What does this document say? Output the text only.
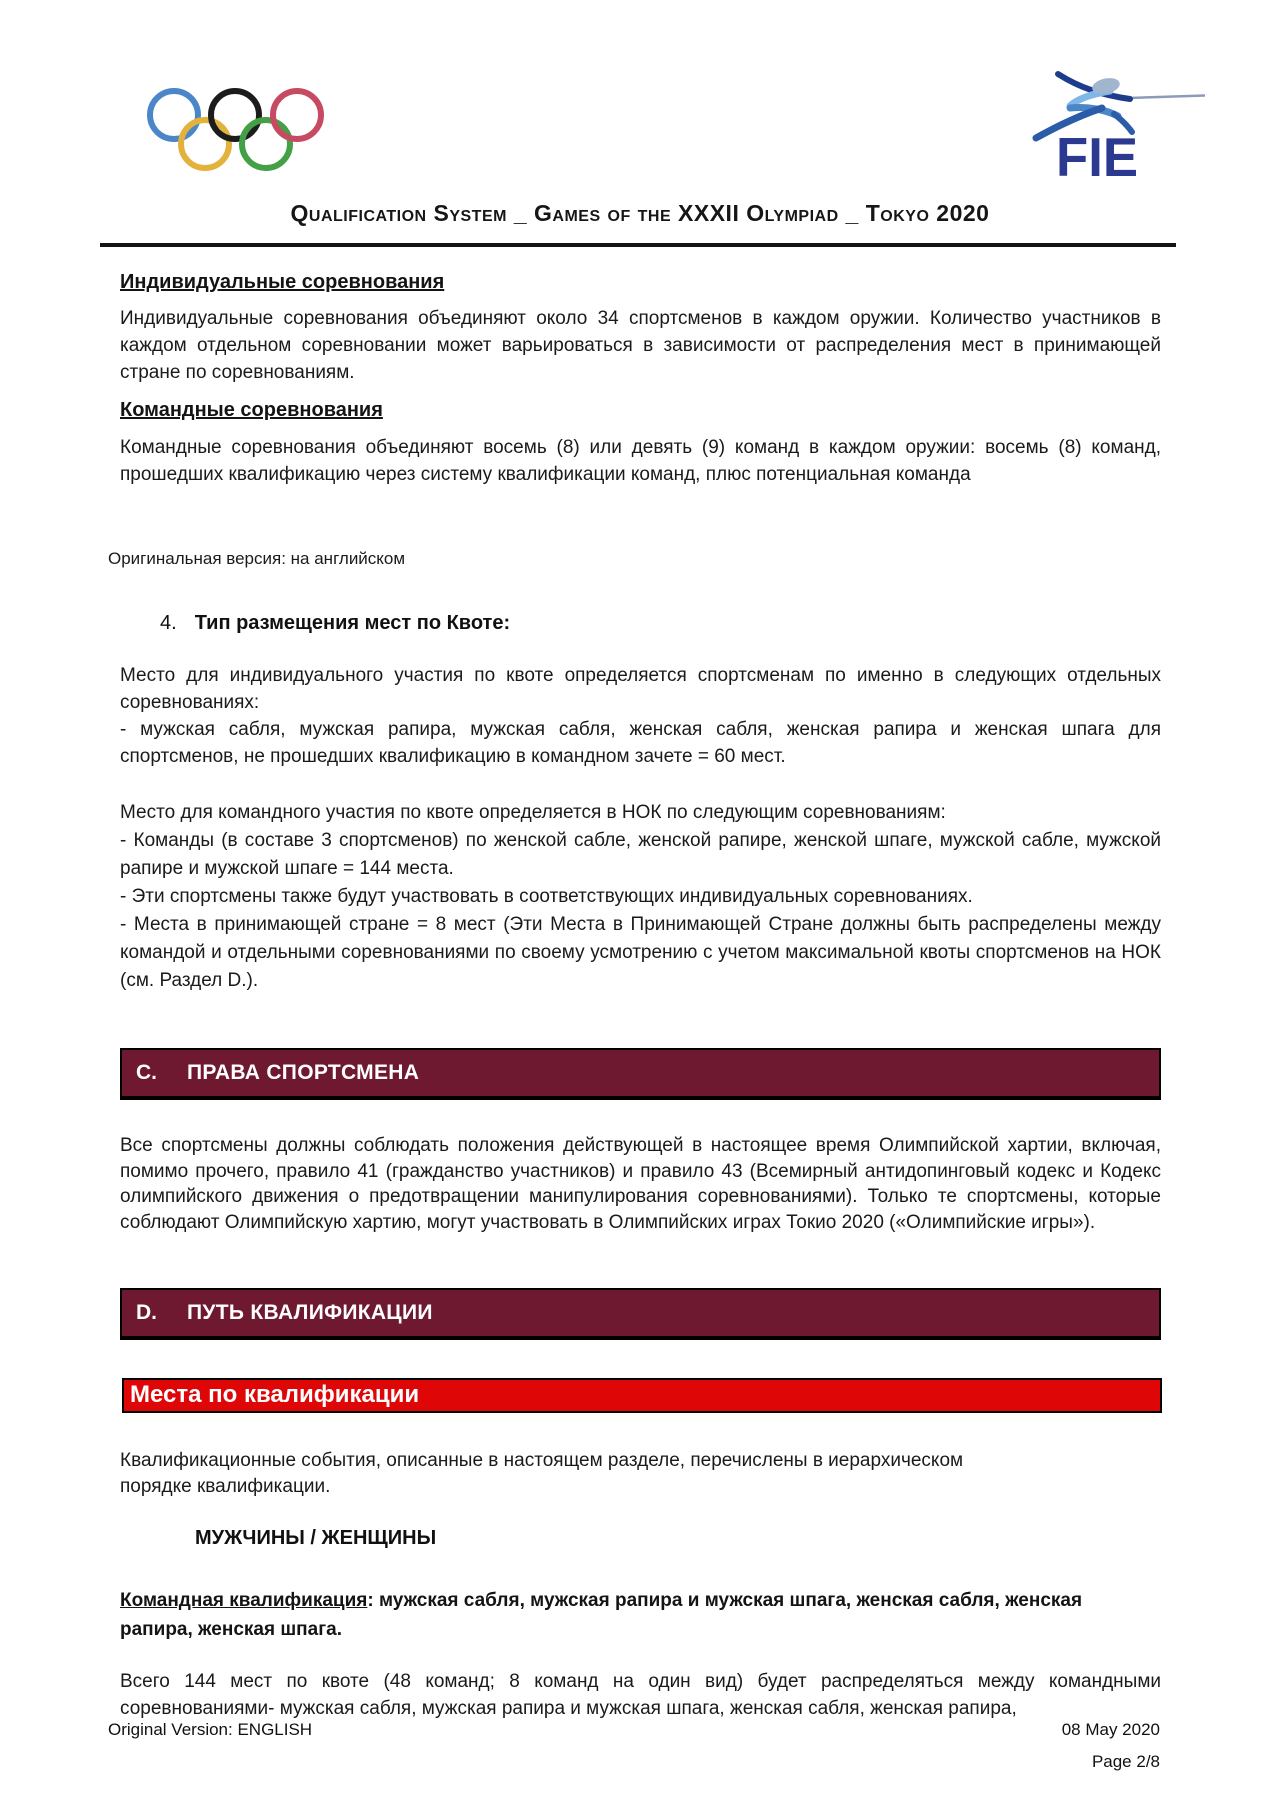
FIE
Qualification System _ Games of the XXXII Olympiad _ Tokyo 2020
Индивидуальные соревнования
Индивидуальные соревнования объединяют около 34 спортсменов в каждом оружии. Количество участников в каждом отдельном соревновании может варьироваться в зависимости от распределения мест в принимающей стране по соревнованиям.
Командные соревнования
Командные соревнования объединяют восемь (8) или девять (9) команд в каждом оружии: восемь (8) команд, прошедших квалификацию через систему квалификации команд, плюс потенциальная команда
Оригинальная версия: на английском
4. Тип размещения мест по Квоте:

Место для индивидуального участия по квоте определяется спортсменам по именно в следующих отдельных соревнованиях:

- мужская сабля, мужская рапира, мужская сабля, женская сабля, женская рапира и женская шпага для спортсменов, не прошедших квалификацию в командном зачете = 60 мест.

Место для командного участия по квоте определяется в НОК по следующим соревнованиям:

- Команды (в составе 3 спортсменов) по женской сабле, женской рапире, женской шпаге, мужской сабле, мужской рапире и мужской шпаге = 144 места.

- Эти спортсмены также будут участвовать в соответствующих индивидуальных соревнованиях.

- Места в принимающей стране = 8 мест (Эти Места в Принимающей Стране должны быть распределены между командой и отдельными соревнованиями по своему усмотрению с учетом максимальной квоты спортсменов на НОК (см. Раздел D.).

C. ПРАВА СПОРТСМЕНА
Все спортсмены должны соблюдать положения действующей в настоящее время Олимпийской хартии, включая, помимо прочего, правило 41 (гражданство участников) и правило 43 (Всемирный антидопинговый кодекс и Кодекс олимпийского движения о предотвращении манипулирования соревнованиями). Только те спортсмены, которые соблюдают Олимпийскую хартию, могут участвовать в Олимпийских играх Токио 2020 («Олимпийские игры»).
D. ПУТЬ КВАЛИФИКАЦИИ
Места по квалификации
Квалификационные события, описанные в настоящем разделе, перечислены в иерархическом порядке квалификации.
МУЖЧИНЫ / ЖЕНЩИНЫ
Командная квалификация: мужская сабля, мужская рапира и мужская шпага, женская сабля, женская рапира, женская шпага.
Всего 144 мест по квоте (48 команд; 8 команд на один вид) будет распределяться между командными соревнованиями- мужская сабля, мужская рапира и мужская шпага, женская сабля, женская рапира,
Original Version: ENGLISH	08 May 2020
Page 2/8
